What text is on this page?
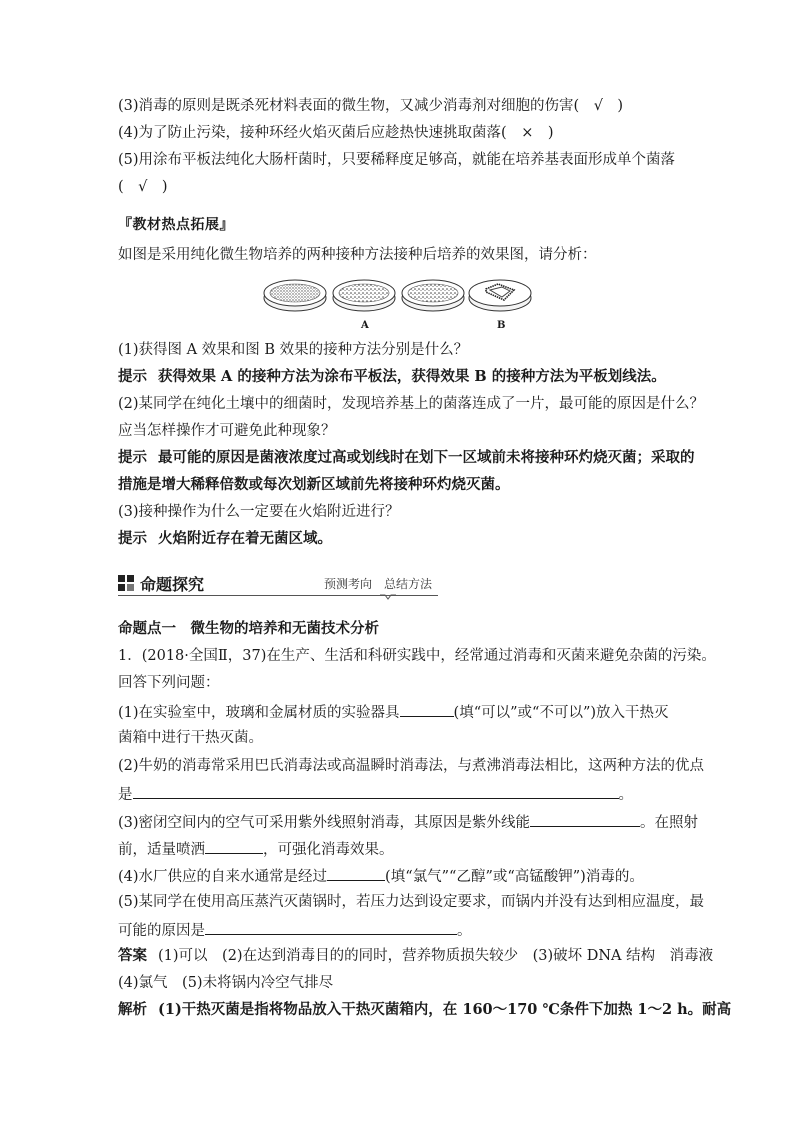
(3)消毒的原则是既杀死材料表面的微生物，又减少消毒剂对细胞的伤害(　√　)
(4)为了防止污染，接种环经火焰灭菌后应趁热快速挑取菌落(　×　)
(5)用涂布平板法纯化大肠杆菌时，只要稀释度足够高，就能在培养基表面形成单个菌落
(　√　)
『教材热点拓展』
如图是采用纯化微生物培养的两种接种方法接种后培养的效果图，请分析：
A	B
(1)获得图 A 效果和图 B 效果的接种方法分别是什么？
提示 获得效果 A 的接种方法为涂布平板法，获得效果 B 的接种方法为平板划线法。
(2)某同学在纯化土壤中的细菌时，发现培养基上的菌落连成了一片，最可能的原因是什么？
应当怎样操作才可避免此种现象？
提示 最可能的原因是菌液浓度过高或划线时在划下一区域前未将接种环灼烧灭菌；采取的
措施是增大稀释倍数或每次划新区域前先将接种环灼烧灭菌。
(3)接种操作为什么一定要在火焰附近进行？
提示 火焰附近存在着无菌区域。
命题探究	预测考向　总结方法
命题点一　微生物的培养和无菌技术分析
1．(2018·全国Ⅱ，37)在生产、生活和科研实践中，经常通过消毒和灭菌来避免杂菌的污染。
回答下列问题：
(1)在实验室中，玻璃和金属材质的实验器具	(填“可以”或“不可以”)放入干热灭
菌箱中进行干热灭菌。
(2)牛奶的消毒常采用巴氏消毒法或高温瞬时消毒法，与煮沸消毒法相比，这两种方法的优点
是	。
(3)密闭空间内的空气可采用紫外线照射消毒，其原因是紫外线能	。在照射
前，适量喷洒	，可强化消毒效果。
(4)水厂供应的自来水通常是经过	(填“氯气”“乙醇”或“高锰酸钾”)消毒的。
(5)某同学在使用高压蒸汽灭菌锅时，若压力达到设定要求，而锅内并没有达到相应温度，最
可能的原因是	。
答案 (1)可以　(2)在达到消毒目的的同时，营养物质损失较少　(3)破坏 DNA 结构　消毒液
(4)氯气　(5)未将锅内冷空气排尽
解析 (1)干热灭菌是指将物品放入干热灭菌箱内，在 160～170 ℃条件下加热 1～2 h。耐高
